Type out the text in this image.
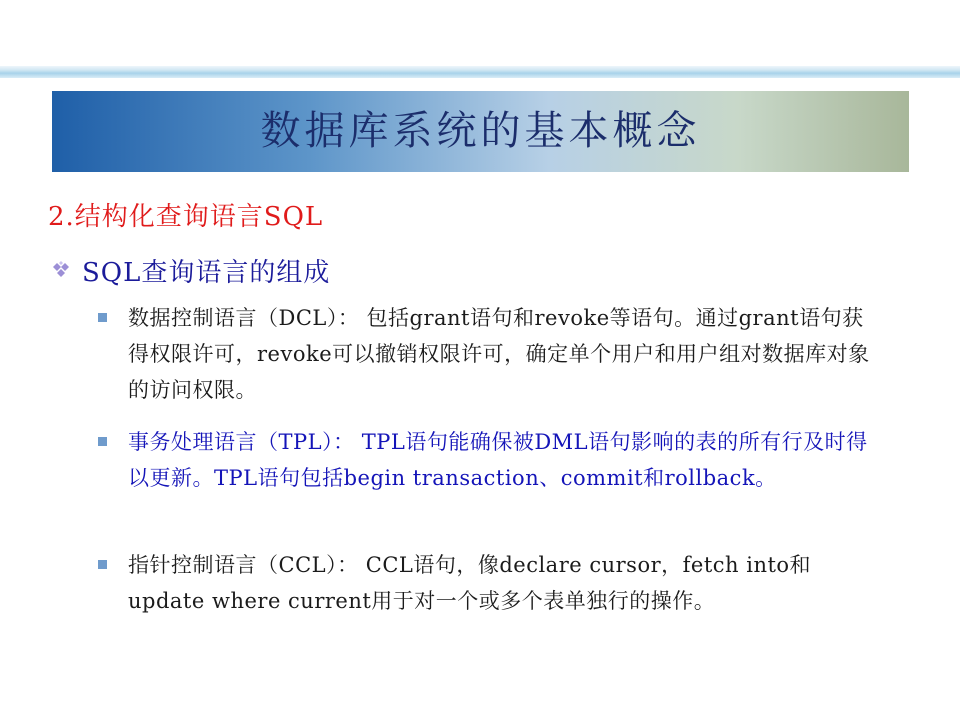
数据库系统的基本概念
2.结构化查询语言SQL
SQL查询语言的组成
数据控制语言（DCL）： 包括grant语句和revoke等语句。通过grant语句获得权限许可，revoke可以撤销权限许可，确定单个用户和用户组对数据库对象的访问权限。
事务处理语言（TPL）： TPL语句能确保被DML语句影响的表的所有行及时得以更新。TPL语句包括begin transaction、commit和rollback。
指针控制语言（CCL）： CCL语句，像declare cursor，fetch into和update where current用于对一个或多个表单独行的操作。
